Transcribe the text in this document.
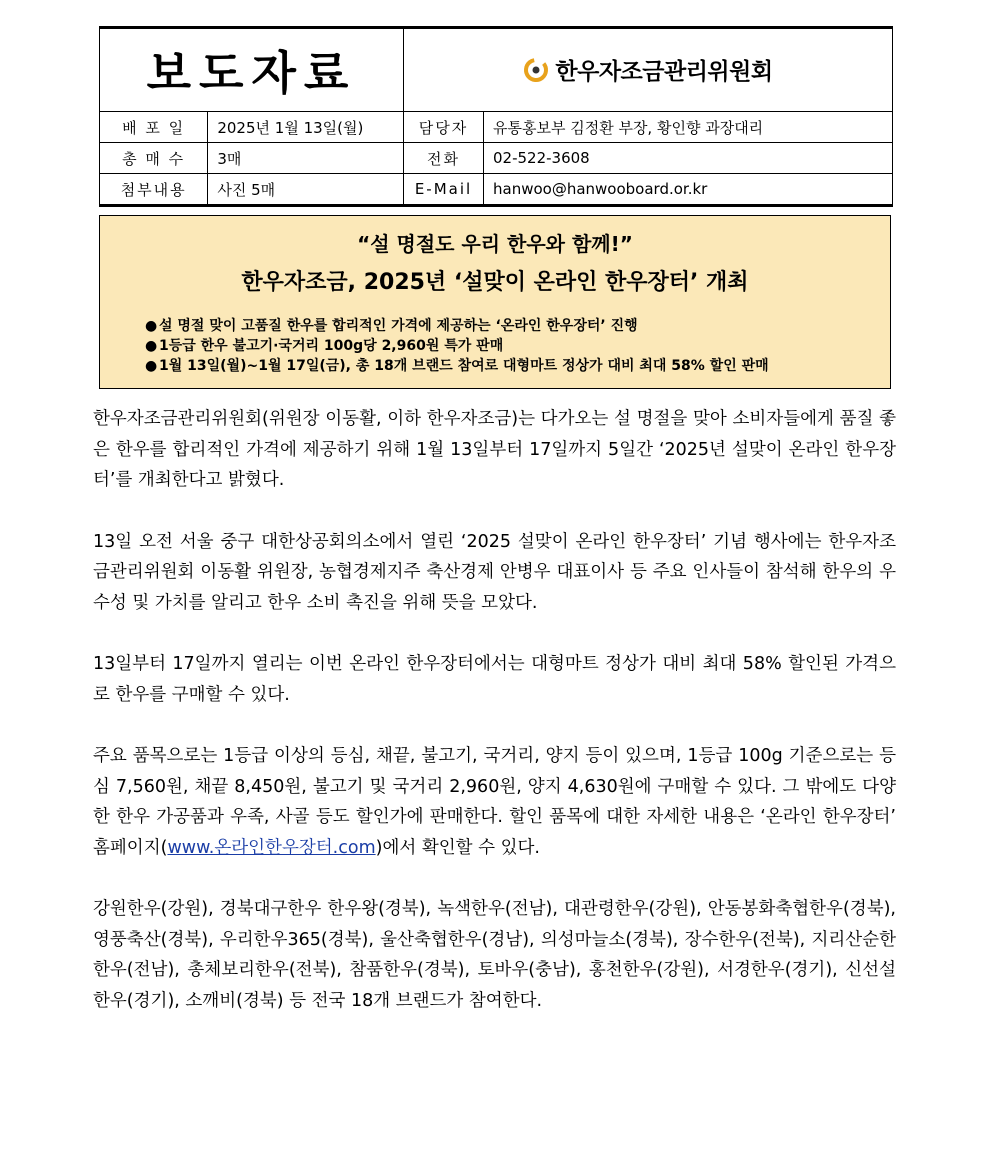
보도자료		한우자조금관리위원회	

배 포 일	2025년 1월 13일(월)	담당자	유통홍보부 김정환 부장, 황인향 과장대리
총 매 수	3매	전화	02-522-3608
첨부내용	사진 5매	E-Mail	hanwoo@hanwooboard.or.kr
“설 명절도 우리 한우와 함께!”
한우자조금, 2025년 ‘설맞이 온라인 한우장터’ 개최
● 설 명절 맞이 고품질 한우를 합리적인 가격에 제공하는 ‘온라인 한우장터’ 진행
● 1등급 한우 불고기·국거리 100g당 2,960원 특가 판매
● 1월 13일(월)~1월 17일(금), 총 18개 브랜드 참여로 대형마트 정상가 대비 최대 58% 할인 판매

한우자조금관리위원회(위원장 이동활, 이하 한우자조금)는 다가오는 설 명절을 맞아 소비자들에게 품질 좋은 한우를 합리적인 가격에 제공하기 위해 1월 13일부터 17일까지 5일간 ‘2025년 설맞이 온라인 한우장터’를 개최한다고 밝혔다.

13일 오전 서울 중구 대한상공회의소에서 열린 ‘2025 설맞이 온라인 한우장터’ 기념 행사에는 한우자조금관리위원회 이동활 위원장, 농협경제지주 축산경제 안병우 대표이사 등 주요 인사들이 참석해 한우의 우수성 및 가치를 알리고 한우 소비 촉진을 위해 뜻을 모았다.

13일부터 17일까지 열리는 이번 온라인 한우장터에서는 대형마트 정상가 대비 최대 58% 할인된 가격으로 한우를 구매할 수 있다.

주요 품목으로는 1등급 이상의 등심, 채끝, 불고기, 국거리, 양지 등이 있으며, 1등급 100g 기준으로는 등심 7,560원, 채끝 8,450원, 불고기 및 국거리 2,960원, 양지 4,630원에 구매할 수 있다. 그 밖에도 다양한 한우 가공품과 우족, 사골 등도 할인가에 판매한다. 할인 품목에 대한 자세한 내용은 ‘온라인 한우장터’ 홈페이지(www.온라인한우장터.com)에서 확인할 수 있다.

강원한우(강원), 경북대구한우 한우왕(경북), 녹색한우(전남), 대관령한우(강원), 안동봉화축협한우(경북), 영풍축산(경북), 우리한우365(경북), 울산축협한우(경남), 의성마늘소(경북), 장수한우(전북), 지리산순한한우(전남), 총체보리한우(전북), 참품한우(경북), 토바우(충남), 홍천한우(강원), 서경한우(경기), 신선설한우(경기), 소깨비(경북) 등 전국 18개 브랜드가 참여한다.
